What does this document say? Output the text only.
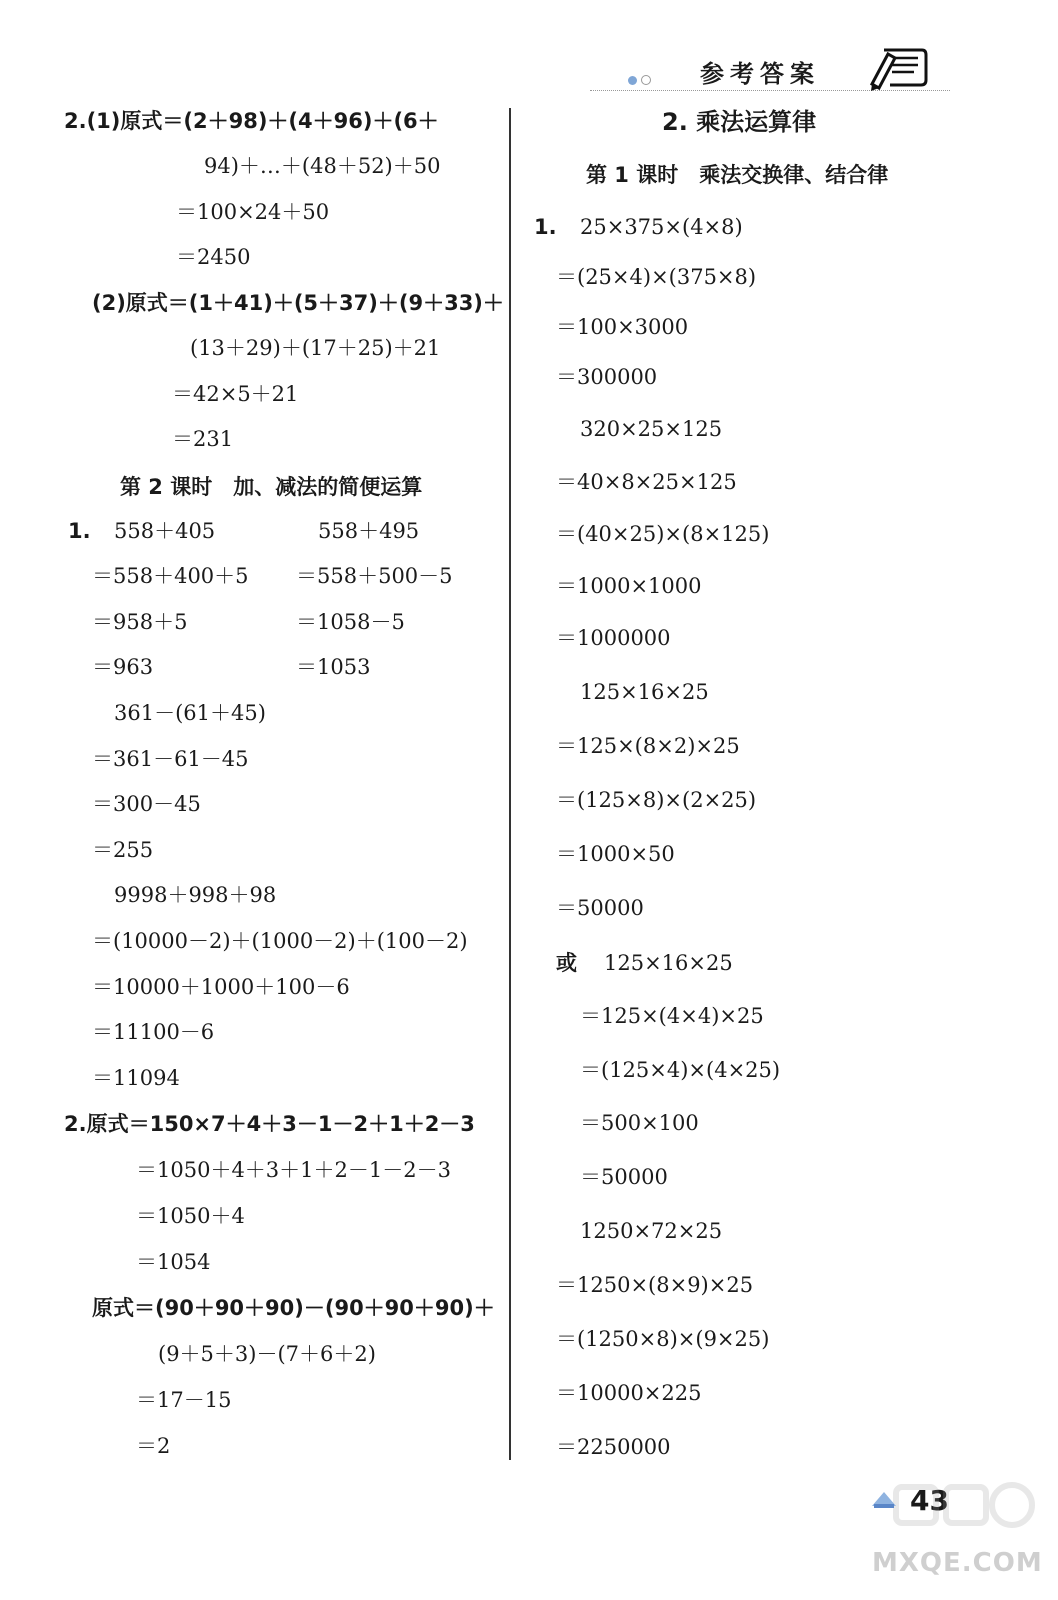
参考答案
2.(1)原式＝(2＋98)＋(4＋96)＋(6＋
94)＋…＋(48＋52)＋50
＝100×24＋50
＝2450
(2)原式＝(1＋41)＋(5＋37)＋(9＋33)＋
(13＋29)＋(17＋25)＋21
＝42×5＋21
＝231
第 2 课时　加、减法的简便运算
1. 558＋405	558＋495
＝558＋400＋5 ＝558＋500－5
＝958＋5	＝1058－5
＝963	＝1053
361－(61＋45)
＝361－61－45
＝300－45
＝255
9998＋998＋98
＝(10000－2)＋(1000－2)＋(100－2)
＝10000＋1000＋100－6
＝11100－6
＝11094
2.原式＝150×7＋4＋3－1－2＋1＋2－3
＝1050＋4＋3＋1＋2－1－2－3
＝1050＋4
＝1054
原式＝(90＋90＋90)－(90＋90＋90)＋
(9＋5＋3)－(7＋6＋2)
＝17－15
＝2
2. 乘法运算律
第 1 课时　乘法交换律、结合律
1. 25×375×(4×8)
＝(25×4)×(375×8)
＝100×3000
＝300000
320×25×125
＝40×8×25×125
＝(40×25)×(8×125)
＝1000×1000
＝1000000
125×16×25
＝125×(8×2)×25
＝(125×8)×(2×25)
＝1000×50
＝50000
或 125×16×25
＝125×(4×4)×25
＝(125×4)×(4×25)
＝500×100
＝50000
1250×72×25
＝1250×(8×9)×25
＝(1250×8)×(9×25)
＝10000×225
＝2250000
43
MXQE.COM
